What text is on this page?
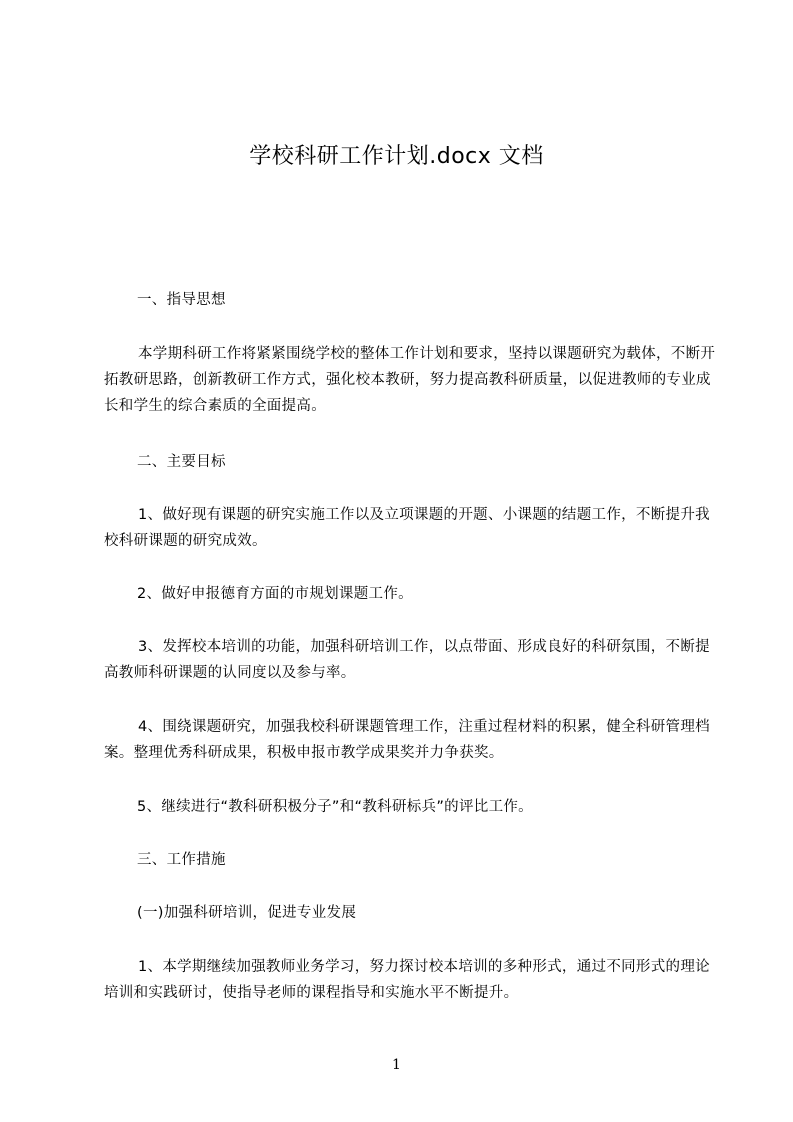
学校科研工作计划.docx 文档
一、指导思想
本学期科研工作将紧紧围绕学校的整体工作计划和要求，坚持以课题研究为载体，不断开拓教研思路，创新教研工作方式，强化校本教研，努力提高教科研质量，以促进教师的专业成长和学生的综合素质的全面提高。
二、主要目标
1、做好现有课题的研究实施工作以及立项课题的开题、小课题的结题工作，不断提升我校科研课题的研究成效。
2、做好申报德育方面的市规划课题工作。
3、发挥校本培训的功能，加强科研培训工作，以点带面、形成良好的科研氛围，不断提高教师科研课题的认同度以及参与率。
4、围绕课题研究，加强我校科研课题管理工作，注重过程材料的积累，健全科研管理档案。整理优秀科研成果，积极申报市教学成果奖并力争获奖。
5、继续进行“教科研积极分子”和“教科研标兵”的评比工作。
三、工作措施
(一)加强科研培训，促进专业发展
1、本学期继续加强教师业务学习，努力探讨校本培训的多种形式，通过不同形式的理论培训和实践研讨，使指导老师的课程指导和实施水平不断提升。
1
